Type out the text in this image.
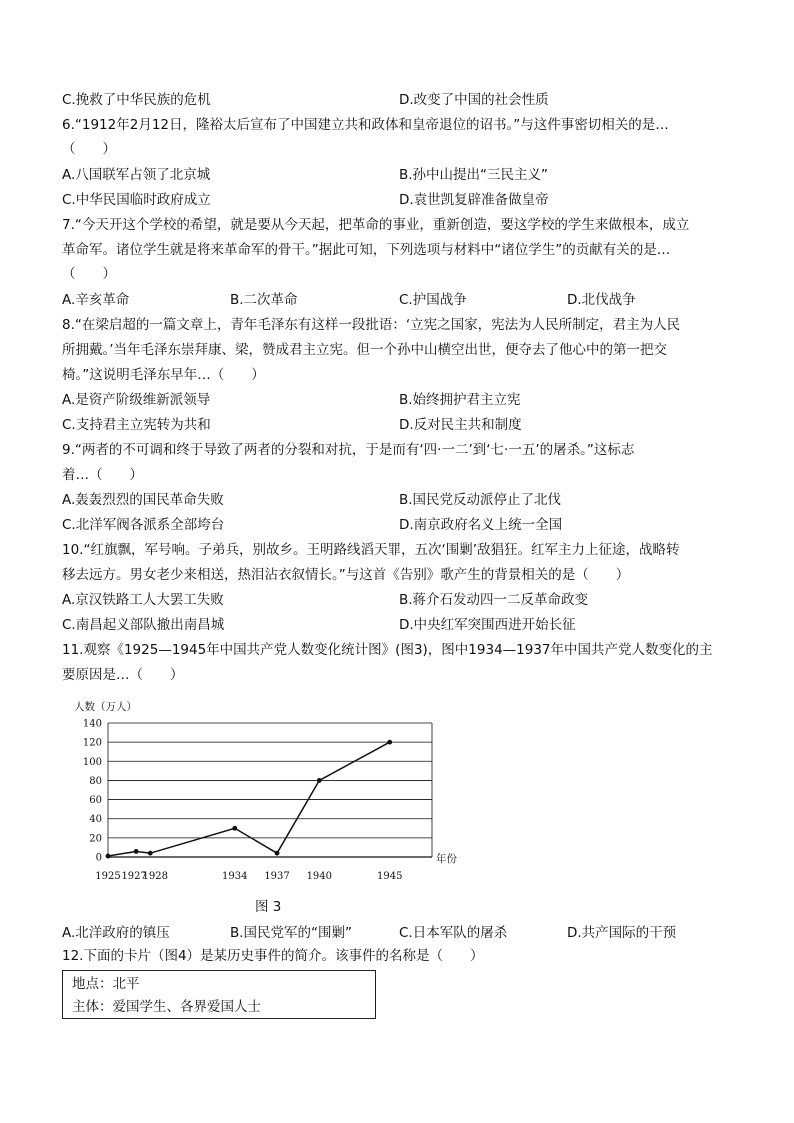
C.挽救了中华民族的危机	D.改变了中国的社会性质
6.“1912年2月12日，隆裕太后宣布了中国建立共和政体和皇帝退位的诏书。”与这件事密切相关的是…
（　　）
A.八国联军占领了北京城	B.孙中山提出“三民主义”
C.中华民国临时政府成立	D.袁世凯复辟准备做皇帝
7.“今天开这个学校的希望，就是要从今天起，把革命的事业，重新创造，要这学校的学生来做根本，成立
革命军。诸位学生就是将来革命军的骨干。”据此可知，下列选项与材料中“诸位学生”的贡献有关的是…
（　　）
A.辛亥革命	B.二次革命	C.护国战争	D.北伐战争
8.“在梁启超的一篇文章上，青年毛泽东有这样一段批语：‘立宪之国家，宪法为人民所制定，君主为人民
所拥戴。’当年毛泽东崇拜康、梁，赞成君主立宪。但一个孙中山横空出世，便夺去了他心中的第一把交
椅。”这说明毛泽东早年…（　　）
A.是资产阶级维新派领导	B.始终拥护君主立宪
C.支持君主立宪转为共和	D.反对民主共和制度
9.“两者的不可调和终于导致了两者的分裂和对抗，于是而有‘四·一二’到‘七·一五’的屠杀。”这标志
着…（　　）
A.轰轰烈烈的国民革命失败	B.国民党反动派停止了北伐
C.北洋军阀各派系全部垮台	D.南京政府名义上统一全国
10.“红旗飘，军号响。子弟兵，别故乡。王明路线滔天罪，五次‘围剿’敌猖狂。红军主力上征途，战略转
移去远方。男女老少来相送，热泪沾衣叙情长。”与这首《告别》歌产生的背景相关的是（　　）
A.京汉铁路工人大罢工失败	B.蒋介石发动四一二反革命政变
C.南昌起义部队撤出南昌城	D.中央红军突围西进开始长征
11.观察《1925—1945年中国共产党人数变化统计图》(图3)，图中1934—1937年中国共产党人数变化的主
要原因是…（　　）
0
20
40
60
80
100
120
140
1925 1927
1928	1934 1937 1940	1945
人数（万人）
年份
图 3
A.北洋政府的镇压	B.国民党军的“围剿”	C.日本军队的屠杀	D.共产国际的干预
12.下面的卡片（图4）是某历史事件的简介。该事件的名称是（　　）
地点：北平
主体：爱国学生、各界爱国人士
